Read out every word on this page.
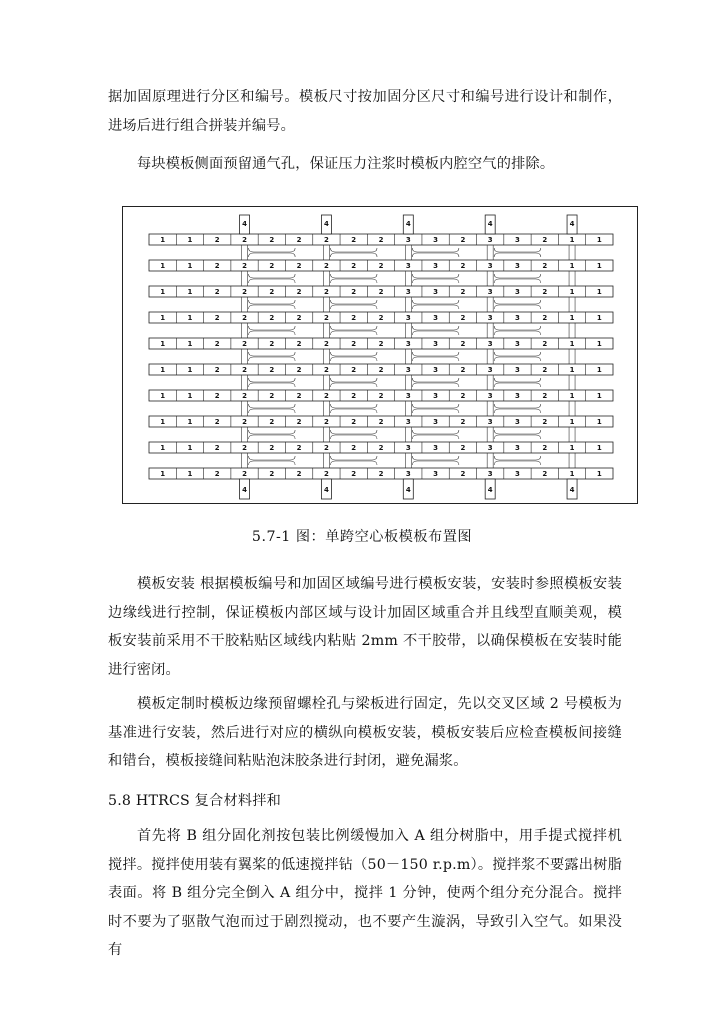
据加固原理进行分区和编号。模板尺寸按加固分区尺寸和编号进行设计和制作，进场后进行组合拼装并编号。

每块模板侧面预留通气孔，保证压力注浆时模板内腔空气的排除。

1	1	2	2	2	2	2	2	2	3	3	2	3	3	2	1	1
1	1	2	2	2	2	2	2	2	3	3	2	3	3	2	1	1
1	1	2	2	2	2	2	2	2	3	3	2	3	3	2	1	1
1	1	2	2	2	2	2	2	2	3	3	2	3	3	2	1	1
1	1	2	2	2	2	2	2	2	3	3	2	3	3	2	1	1
1	1	2	2	2	2	2	2	2	3	3	2	3	3	2	1	1
1	1	2	2	2	2	2	2	2	3	3	2	3	3	2	1	1
1	1	2	2	2	2	2	2	2	3	3	2	3	3	2	1	1
1	1	2	2	2	2	2	2	2	3	3	2	3	3	2	1	1
1	1	2	2	2	2	2	2	2	3	3	2	3	3	2	1	1
4
4
4
4
4
4
4
4
4
4
5.7-1 图：单跨空心板模板布置图

模板安装 根据模板编号和加固区域编号进行模板安装，安装时参照模板安装边缘线进行控制，保证模板内部区域与设计加固区域重合并且线型直顺美观，模板安装前采用不干胶粘贴区域线内粘贴 2mm 不干胶带，以确保模板在安装时能进行密闭。

模板定制时模板边缘预留螺栓孔与梁板进行固定，先以交叉区域 2 号模板为基准进行安装，然后进行对应的横纵向模板安装，模板安装后应检查模板间接缝和错台，模板接缝间粘贴泡沫胶条进行封闭，避免漏浆。

5.8 HTRCS 复合材料拌和

首先将 B 组分固化剂按包装比例缓慢加入 A 组分树脂中，用手提式搅拌机搅拌。搅拌使用装有翼桨的低速搅拌钻（50－150 r.p.m）。搅拌浆不要露出树脂表面。将 B 组分完全倒入 A 组分中，搅拌 1 分钟，使两个组分充分混合。搅拌时不要为了驱散气泡而过于剧烈搅动，也不要产生漩涡，导致引入空气。如果没有
